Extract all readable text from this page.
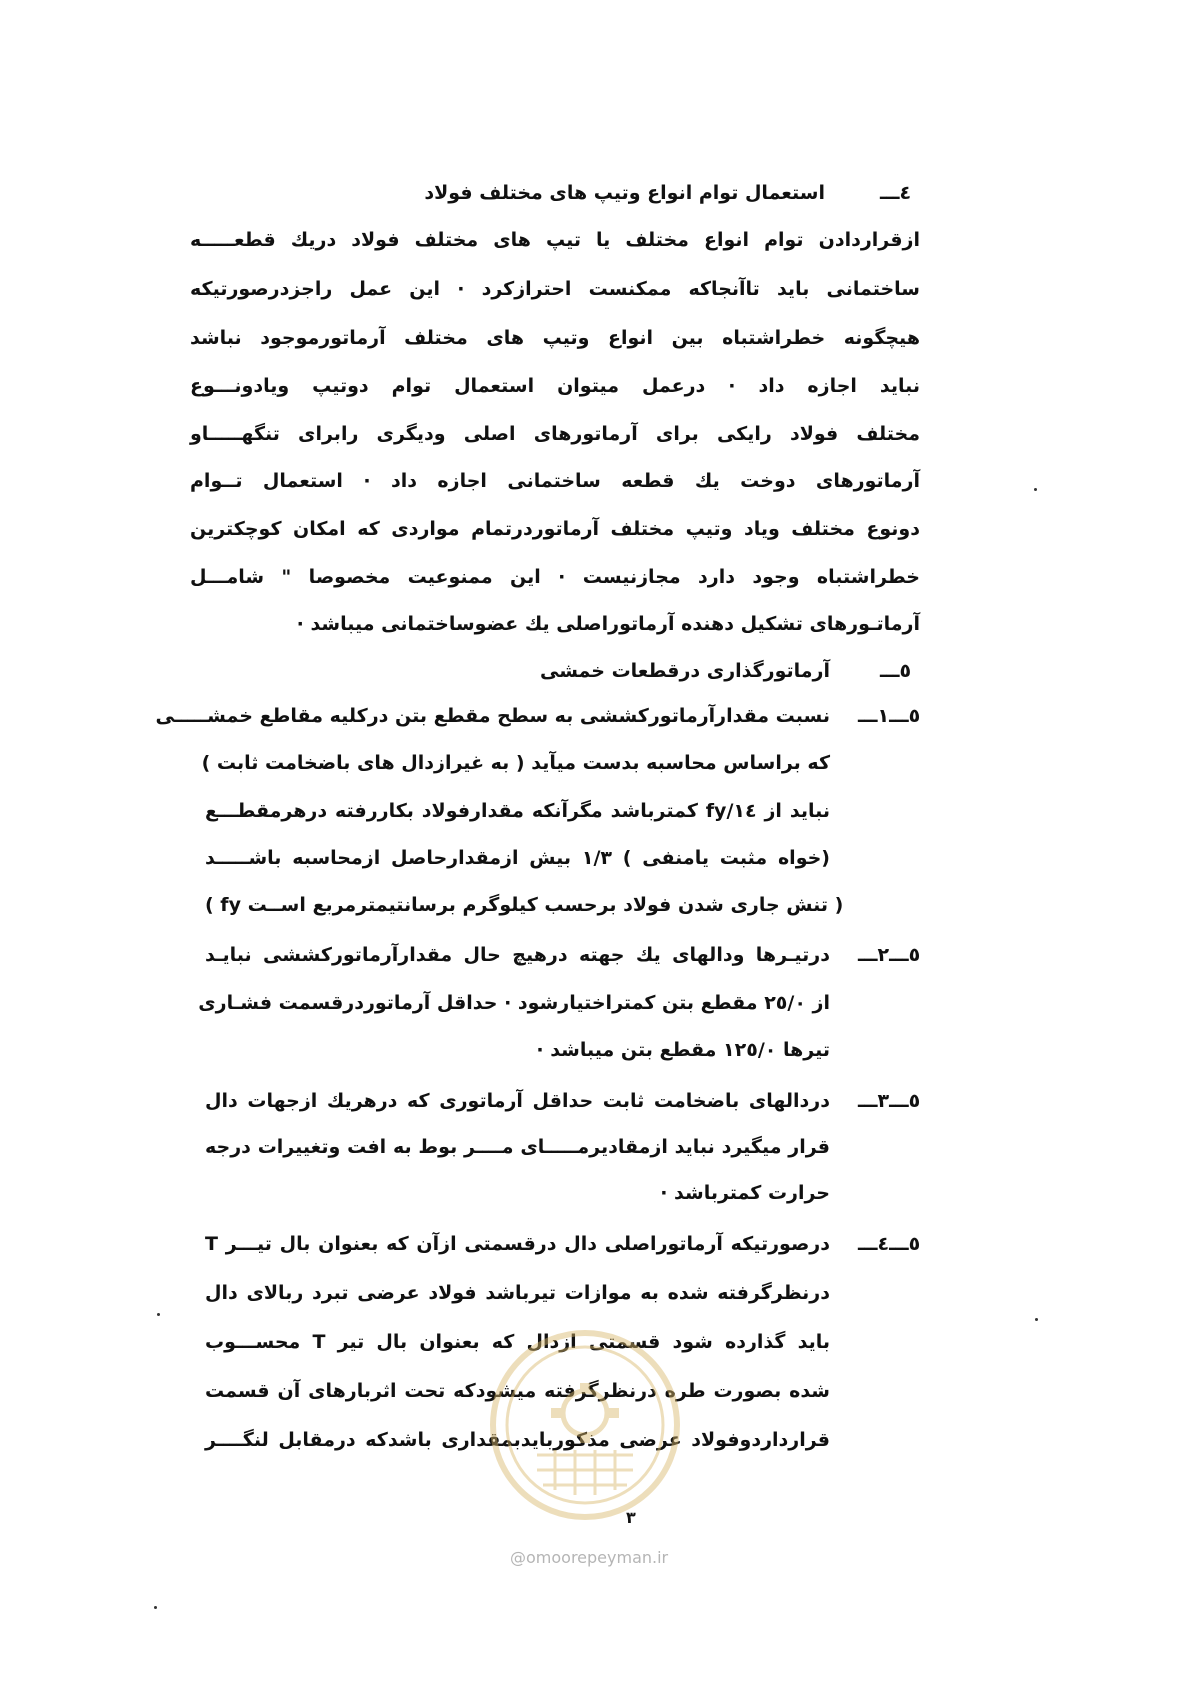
٤ـــ
استعمال توام انواع وتیپ های مختلف فولاد
ازقراردادن توام انواع مختلف یا تیپ های مختلف فولاد دریك قطعـــــه
ساختمانی باید تاآنجاکه ممکنست احترازکرد · این عمل راجزدرصورتیکه
هیچگونه خطراشتباه بین انواع وتیپ های مختلف آرماتورموجود نباشد
نباید اجازه داد · درعمل میتوان استعمال توام دوتیپ ویادونـــوع
مختلف فولاد رایکی برای آرماتورهای اصلی ودیگری رابرای تنگهـــــاو
آرماتورهای دوخت یك قطعه ساختمانی اجازه داد · استعمال تــوام
دونوع مختلف ویاد وتیپ مختلف آرماتوردرتمام مواردی که امکان کوچکترین
خطراشتباه وجود دارد مجازنیست · این ممنوعیت مخصوصا " شامـــل
آرماتـورهای تشکیل دهنده آرماتوراصلی یك عضوساختمانی میباشد ·
٥ـــ
آرماتورگذاری درقطعات خمشی
٥ـــ١ـــ
نسبت مقدارآرماتورکششی به سطح مقطع بتن درکلیه مقاطع خمشـــــی
که براساس محاسبه بدست میآید ( به غیرازدال های باضخامت ثابت )
نباید از ١٤/fy کمترباشد مگرآنکه مقدارفولاد بکاررفته درهرمقطـــع
(خواه مثبت یامنفی ) ١/٣ بیش ازمقدارحاصل ازمحاسبه باشـــــد
( fy تنش جاری شدن فولاد برحسب کیلوگرم برسانتیمترمربع اســت )
٥ـــ٢ـــ
درتیـرها ودالهای یك جهته درهیچ حال مقدارآرماتورکششی نبایـد
از ٢٥/٠ مقطع بتن کمتراختیارشود · حداقل آرماتوردرقسمت فشـاری
تیرها ١٢٥/٠ مقطع بتن میباشد ·
٥ـــ٣ـــ
دردالهای باضخامت ثابت حداقل آرماتوری که درهریك ازجهات دال
قرار میگیرد نباید ازمقادیرمـــــای مــــر بوط به افت وتغییرات درجه
حرارت کمترباشد ·
٥ـــ٤ـــ
درصورتیکه آرماتوراصلی دال درقسمتی ازآن که بعنوان بال تیـــر T
درنظرگرفته شده به موازات تیرباشد فولاد عرضی تبرد ربالای دال
باید گذارده شود قسمتی ازدال که بعنوان بال تیر T محســـوب
شده بصورت طره درنظرگرفته میشودکه تحت اثربارهای آن قسمت
قرارداردوفولاد عرضی مذکوربایدبمقداری باشدکه درمقابل لنگــــر
٣
@omoorepeyman.ir
